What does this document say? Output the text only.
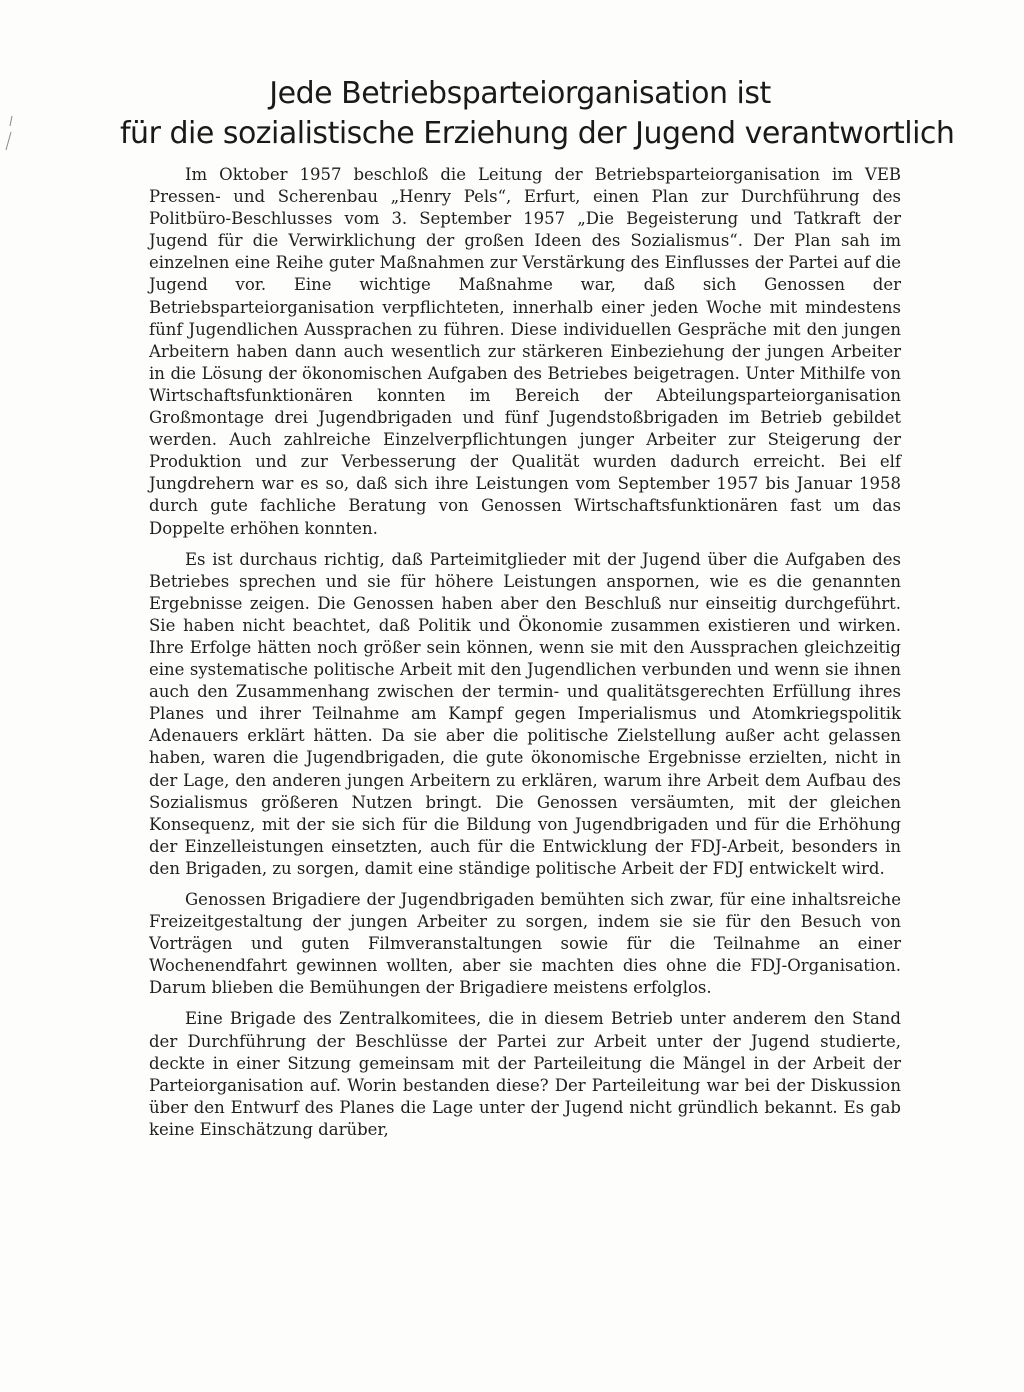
Jede Betriebsparteiorganisation ist
für die sozialistische Erziehung der Jugend verantwortlich

Im Oktober 1957 beschloß die Leitung der Betriebsparteiorganisation im VEB Pressen- und Scherenbau „Henry Pels“, Erfurt, einen Plan zur Durchführung des Politbüro-Beschlusses vom 3. September 1957 „Die Begeisterung und Tatkraft der Jugend für die Verwirklichung der großen Ideen des Sozialismus“. Der Plan sah im einzelnen eine Reihe guter Maßnahmen zur Verstärkung des Einflusses der Partei auf die Jugend vor. Eine wichtige Maßnahme war, daß sich Genossen der Betriebsparteiorganisation verpflichteten, innerhalb einer jeden Woche mit mindestens fünf Jugendlichen Aussprachen zu führen. Diese individuellen Gespräche mit den jungen Arbeitern haben dann auch wesentlich zur stärkeren Einbeziehung der jungen Arbeiter in die Lösung der ökonomischen Aufgaben des Betriebes beigetragen. Unter Mithilfe von Wirtschaftsfunktionären konnten im Bereich der Abteilungsparteiorganisation Großmontage drei Jugendbrigaden und fünf Jugendstoßbrigaden im Betrieb gebildet werden. Auch zahlreiche Einzelverpflichtungen junger Arbeiter zur Steigerung der Produktion und zur Verbesserung der Qualität wurden dadurch erreicht. Bei elf Jungdrehern war es so, daß sich ihre Leistungen vom September 1957 bis Januar 1958 durch gute fachliche Beratung von Genossen Wirtschaftsfunktionären fast um das Doppelte erhöhen konnten.

Es ist durchaus richtig, daß Parteimitglieder mit der Jugend über die Aufgaben des Betriebes sprechen und sie für höhere Leistungen anspornen, wie es die genannten Ergebnisse zeigen. Die Genossen haben aber den Beschluß nur einseitig durchgeführt. Sie haben nicht beachtet, daß Politik und Ökonomie zusammen existieren und wirken. Ihre Erfolge hätten noch größer sein können, wenn sie mit den Aussprachen gleichzeitig eine systematische politische Arbeit mit den Jugendlichen verbunden und wenn sie ihnen auch den Zusammenhang zwischen der termin- und qualitätsgerechten Erfüllung ihres Planes und ihrer Teilnahme am Kampf gegen Imperialismus und Atomkriegspolitik Adenauers erklärt hätten. Da sie aber die politische Zielstellung außer acht gelassen haben, waren die Jugendbrigaden, die gute ökonomische Ergebnisse erzielten, nicht in der Lage, den anderen jungen Arbeitern zu erklären, warum ihre Arbeit dem Aufbau des Sozialismus größeren Nutzen bringt. Die Genossen versäumten, mit der gleichen Konsequenz, mit der sie sich für die Bildung von Jugendbrigaden und für die Erhöhung der Einzelleistungen einsetzten, auch für die Entwicklung der FDJ-Arbeit, besonders in den Brigaden, zu sorgen, damit eine ständige politische Arbeit der FDJ entwickelt wird.

Genossen Brigadiere der Jugendbrigaden bemühten sich zwar, für eine inhaltsreiche Freizeitgestaltung der jungen Arbeiter zu sorgen, indem sie sie für den Besuch von Vorträgen und guten Filmveranstaltungen sowie für die Teilnahme an einer Wochenendfahrt gewinnen wollten, aber sie machten dies ohne die FDJ-Organisation. Darum blieben die Bemühungen der Brigadiere meistens erfolglos.

Eine Brigade des Zentralkomitees, die in diesem Betrieb unter anderem den Stand der Durchführung der Beschlüsse der Partei zur Arbeit unter der Jugend studierte, deckte in einer Sitzung gemeinsam mit der Parteileitung die Mängel in der Arbeit der Parteiorganisation auf. Worin bestanden diese? Der Parteileitung war bei der Diskussion über den Entwurf des Planes die Lage unter der Jugend nicht gründlich bekannt. Es gab keine Einschätzung darüber,
